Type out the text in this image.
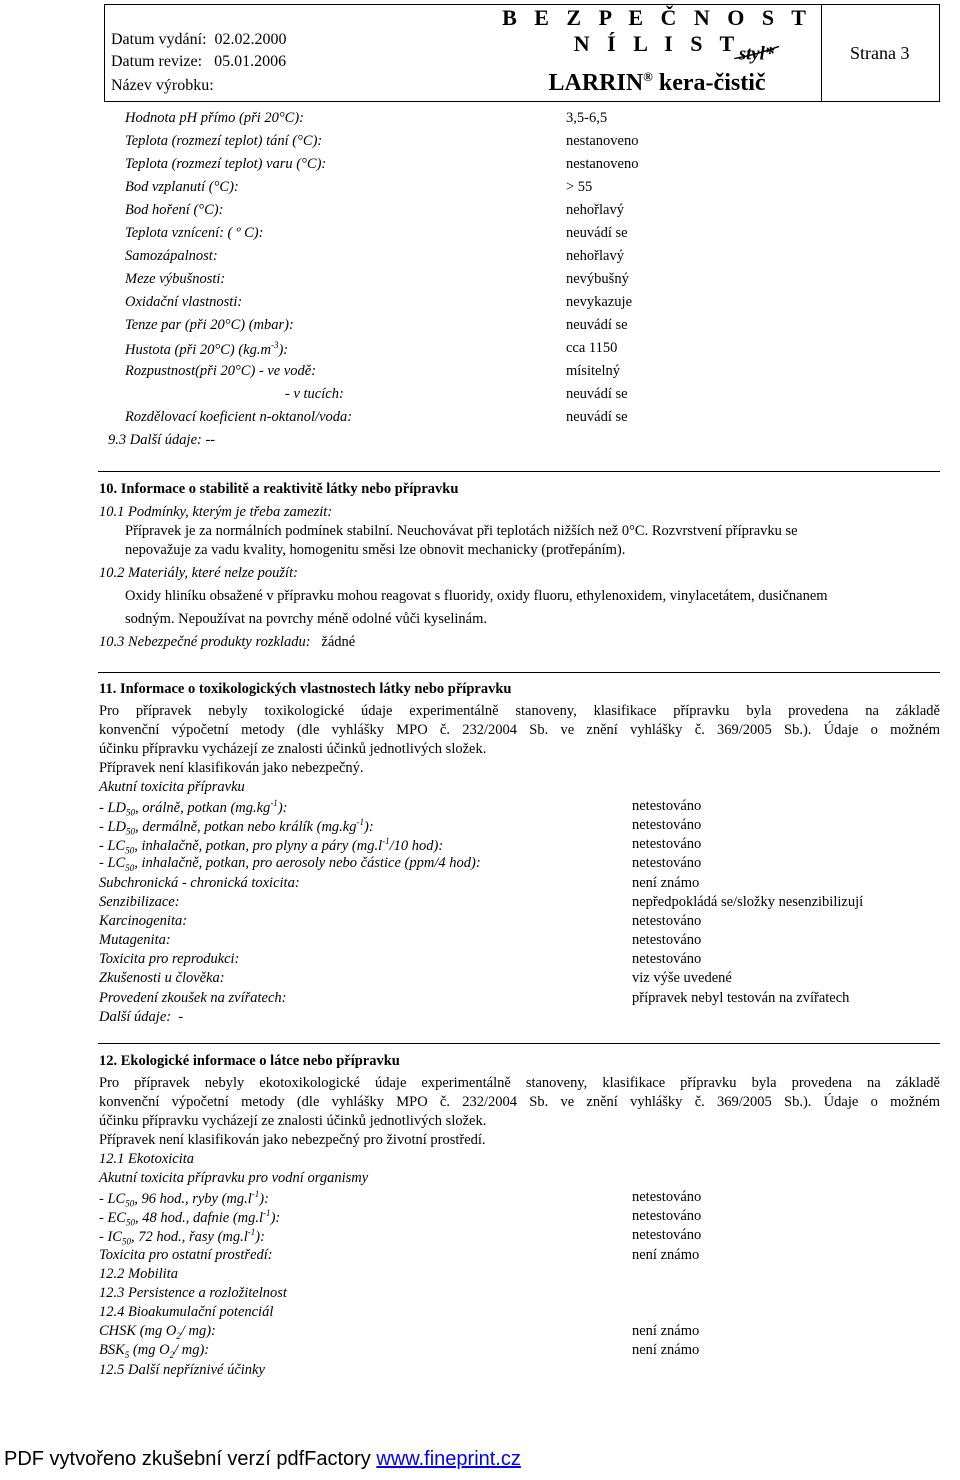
Datum vydání: 02.02.2000
Datum revize: 05.01.2006
Název výrobku:
B E Z P E Č N O S T N Í L I S T
LARRIN® kera-čistič
styl*	Strana 3
Hodnota pH přímo (při 20°C):	3,5-6,5
Teplota (rozmezí teplot) tání (°C):	nestanoveno
Teplota (rozmezí teplot) varu (°C):	nestanoveno
Bod vzplanutí (°C):	> 55
Bod hoření (°C):	nehořlavý
Teplota vznícení: ( º C):	neuvádí se
Samozápalnost:	nehořlavý
Meze výbušnosti:	nevýbušný
Oxidační vlastnosti:	nevykazuje
Tenze par (při 20°C) (mbar):	neuvádí se
Hustota (při 20°C) $(kg.m^{-3})$:	cca 1150
Rozpustnost(při 20°C) - ve vodě:	mísitelný
- v tucích:	neuvádí se
Rozdělovací koeficient n-oktanol/voda:	neuvádí se
9.3 Další údaje: --
10. Informace o stabilitě a reaktivitě látky nebo přípravku
10.1 Podmínky, kterým je třeba zamezit:
Přípravek je za normálních podmínek stabilní. Neuchovávat při teplotách nižších než 0°C. Rozvrstvení přípravku se
nepovažuje za vadu kvality, homogenitu směsi lze obnovit mechanicky (protřepáním).
10.2 Materiály, které nelze použít:
Oxidy hliníku obsažené v přípravku mohou reagovat s fluoridy, oxidy fluoru, ethylenoxidem, vinylacetátem, dusičnanem
sodným. Nepoužívat na povrchy méně odolné vůči kyselinám.
10.3 Nebezpečné produkty rozkladu: žádné
11. Informace o toxikologických vlastnostech látky nebo přípravku
Pro přípravek nebyly toxikologické údaje experimentálně stanoveny, klasifikace přípravku byla provedena na základě
konvenční výpočetní metody (dle vyhlášky MPO č. 232/2004 Sb. ve znění vyhlášky č. 369/2005 Sb.). Údaje o možném
účinku přípravku vycházejí ze znalosti účinků jednotlivých složek.
Přípravek není klasifikován jako nebezpečný.
Akutní toxicita přípravku
- $LD_{50}$, orálně, potkan $(mg.kg^{-1})$:	netestováno
- $LD_{50}$, dermálně, potkan nebo králík $(mg.kg^{-1})$:	netestováno
- $LC_{50}$, inhalačně, potkan, pro plyny a páry ($mg.l^{-1}/10$ hod):	netestováno
- $LC_{50}$, inhalačně, potkan, pro aerosoly nebo částice (ppm/4 hod):	netestováno
Subchronická - chronická toxicita:	není známo
Senzibilizace:	nepředpokládá se/složky nesenzibilizují
Karcinogenita:	netestováno
Mutagenita:	netestováno
Toxicita pro reprodukci:	netestováno
Zkušenosti u člověka:	viz výše uvedené
Provedení zkoušek na zvířatech:	přípravek nebyl testován na zvířatech
Další údaje: -
12. Ekologické informace o látce nebo přípravku
Pro přípravek nebyly ekotoxikologické údaje experimentálně stanoveny, klasifikace přípravku byla provedena na základě
konvenční výpočetní metody (dle vyhlášky MPO č. 232/2004 Sb. ve znění vyhlášky č. 369/2005 Sb.). Údaje o možném
účinku přípravku vycházejí ze znalosti účinků jednotlivých složek.
Přípravek není klasifikován jako nebezpečný pro životní prostředí.
12.1 Ekotoxicita
Akutní toxicita přípravku pro vodní organismy
- $LC_{50}$, 96 hod., ryby $(mg.l^{-1})$:	netestováno
- $EC_{50}$, 48 hod., dafnie $(mg.l^{-1})$:	netestováno
- $IC_{50}$, 72 hod., řasy $(mg.l^{-1})$:	netestováno
Toxicita pro ostatní prostředí:	není známo
12.2 Mobilita
12.3 Persistence a rozložitelnost
12.4 Bioakumulační potenciál
CHSK (mg $O_2/$ mg):	není známo
$BSK_5$ (mg $O_2/$ mg):	není známo
12.5 Další nepříznivé účinky
PDF vytvořeno zkušební verzí pdfFactory www.fineprint.cz
